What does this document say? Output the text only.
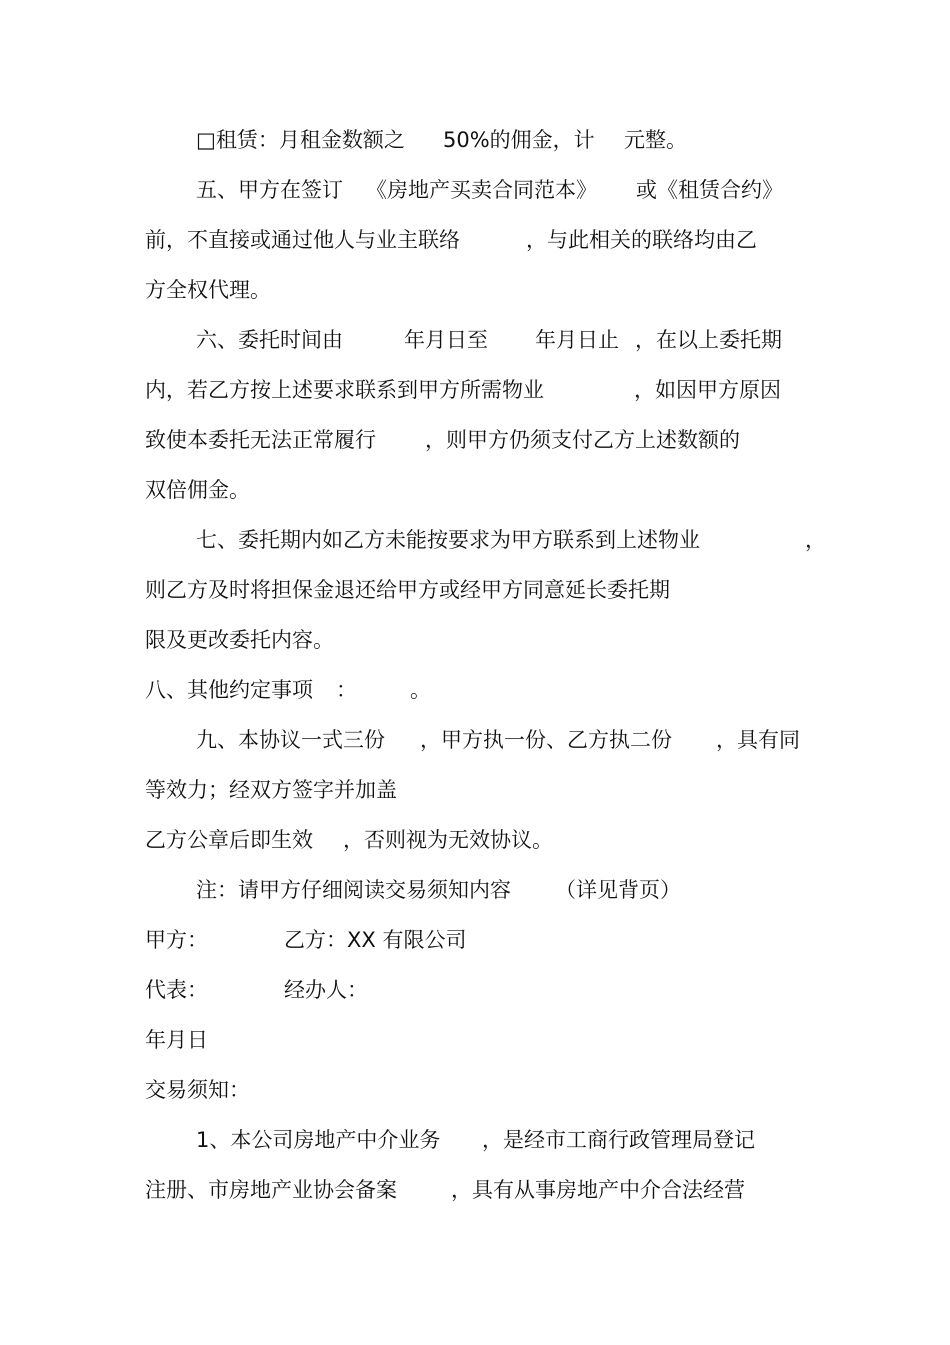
□租赁：月租金数额之 50%的佣金，计 元整。
五、甲方在签订 《房地产买卖合同范本》 或《租赁合约》
前，不直接或通过他人与业主联络	，与此相关的联络均由乙
方全权代理。
六、委托时间由	年月日至 年月日止 ，在以上委托期
内，若乙方按上述要求联系到甲方所需物业	，如因甲方原因
致使本委托无法正常履行 ，则甲方仍须支付乙方上述数额的
双倍佣金。
七、委托期内如乙方未能按要求为甲方联系到上述物业	，
则乙方及时将担保金退还给甲方或经甲方同意延长委托期
限及更改委托内容。
八、其他约定事项 ：	。
九、本协议一式三份 ，甲方执一份、乙方执二份 ，具有同
等效力；经双方签字并加盖
乙方公章后即生效 ，否则视为无效协议。
注：请甲方仔细阅读交易须知内容 （详见背页）
甲方：	乙方：XX 有限公司
代表：	经办人：
年月日
交易须知：
1、本公司房地产中介业务 ，是经市工商行政管理局登记
注册、市房地产业协会备案	，具有从事房地产中介合法经营
